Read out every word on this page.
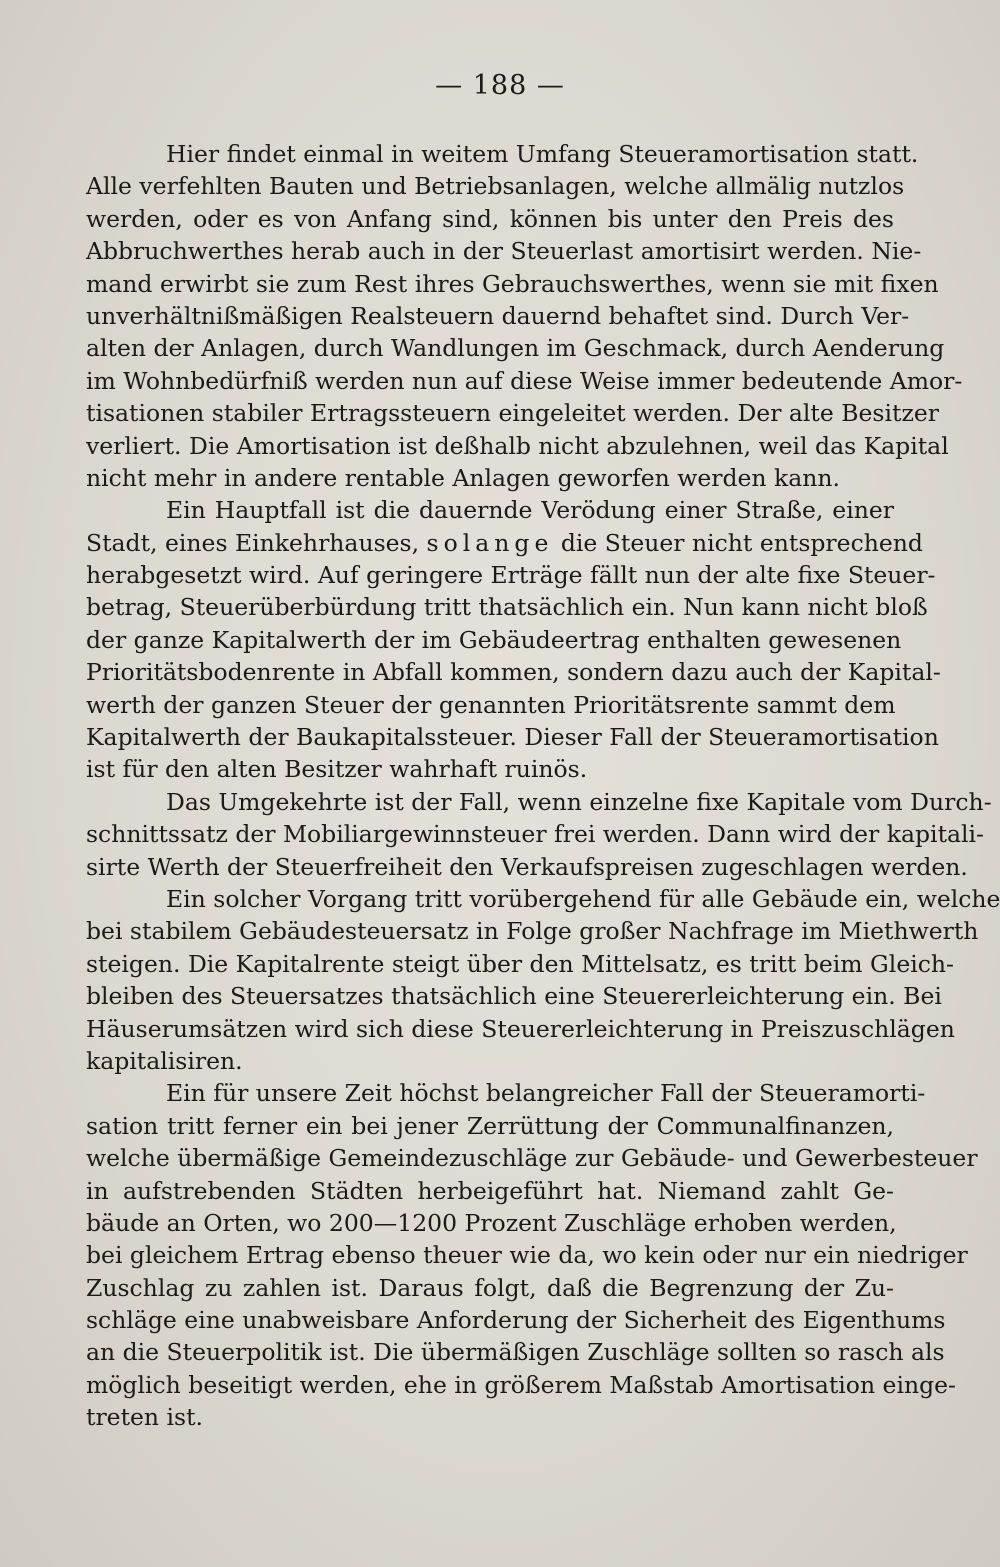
— 188 —
Hier findet einmal in weitem Umfang Steueramortisation statt.
Alle verfehlten Bauten und Betriebsanlagen, welche allmälig nutzlos
werden, oder es von Anfang sind, können bis unter den Preis des
Abbruchwerthes herab auch in der Steuerlast amortisirt werden. Nie-
mand erwirbt sie zum Rest ihres Gebrauchswerthes, wenn sie mit fixen
unverhältnißmäßigen Realsteuern dauernd behaftet sind. Durch Ver-
alten der Anlagen, durch Wandlungen im Geschmack, durch Aenderung
im Wohnbedürfniß werden nun auf diese Weise immer bedeutende Amor-
tisationen stabiler Ertragssteuern eingeleitet werden. Der alte Besitzer
verliert. Die Amortisation ist deßhalb nicht abzulehnen, weil das Kapital
nicht mehr in andere rentable Anlagen geworfen werden kann.
Ein Hauptfall ist die dauernde Verödung einer Straße, einer
Stadt, eines Einkehrhauses, solange die Steuer nicht entsprechend
herabgesetzt wird. Auf geringere Erträge fällt nun der alte fixe Steuer-
betrag, Steuerüberbürdung tritt thatsächlich ein. Nun kann nicht bloß
der ganze Kapitalwerth der im Gebäudeertrag enthalten gewesenen
Prioritätsbodenrente in Abfall kommen, sondern dazu auch der Kapital-
werth der ganzen Steuer der genannten Prioritätsrente sammt dem
Kapitalwerth der Baukapitalssteuer. Dieser Fall der Steueramortisation
ist für den alten Besitzer wahrhaft ruinös.
Das Umgekehrte ist der Fall, wenn einzelne fixe Kapitale vom Durch-
schnittssatz der Mobiliargewinnsteuer frei werden. Dann wird der kapitali-
sirte Werth der Steuerfreiheit den Verkaufspreisen zugeschlagen werden.
Ein solcher Vorgang tritt vorübergehend für alle Gebäude ein, welche
bei stabilem Gebäudesteuersatz in Folge großer Nachfrage im Miethwerth
steigen. Die Kapitalrente steigt über den Mittelsatz, es tritt beim Gleich-
bleiben des Steuersatzes thatsächlich eine Steuererleichterung ein. Bei
Häuserumsätzen wird sich diese Steuererleichterung in Preiszuschlägen
kapitalisiren.
Ein für unsere Zeit höchst belangreicher Fall der Steueramorti-
sation tritt ferner ein bei jener Zerrüttung der Communalfinanzen,
welche übermäßige Gemeindezuschläge zur Gebäude- und Gewerbesteuer
in aufstrebenden Städten herbeigeführt hat. Niemand zahlt Ge-
bäude an Orten, wo 200—1200 Prozent Zuschläge erhoben werden,
bei gleichem Ertrag ebenso theuer wie da, wo kein oder nur ein niedriger
Zuschlag zu zahlen ist. Daraus folgt, daß die Begrenzung der Zu-
schläge eine unabweisbare Anforderung der Sicherheit des Eigenthums
an die Steuerpolitik ist. Die übermäßigen Zuschläge sollten so rasch als
möglich beseitigt werden, ehe in größerem Maßstab Amortisation einge-
treten ist.
